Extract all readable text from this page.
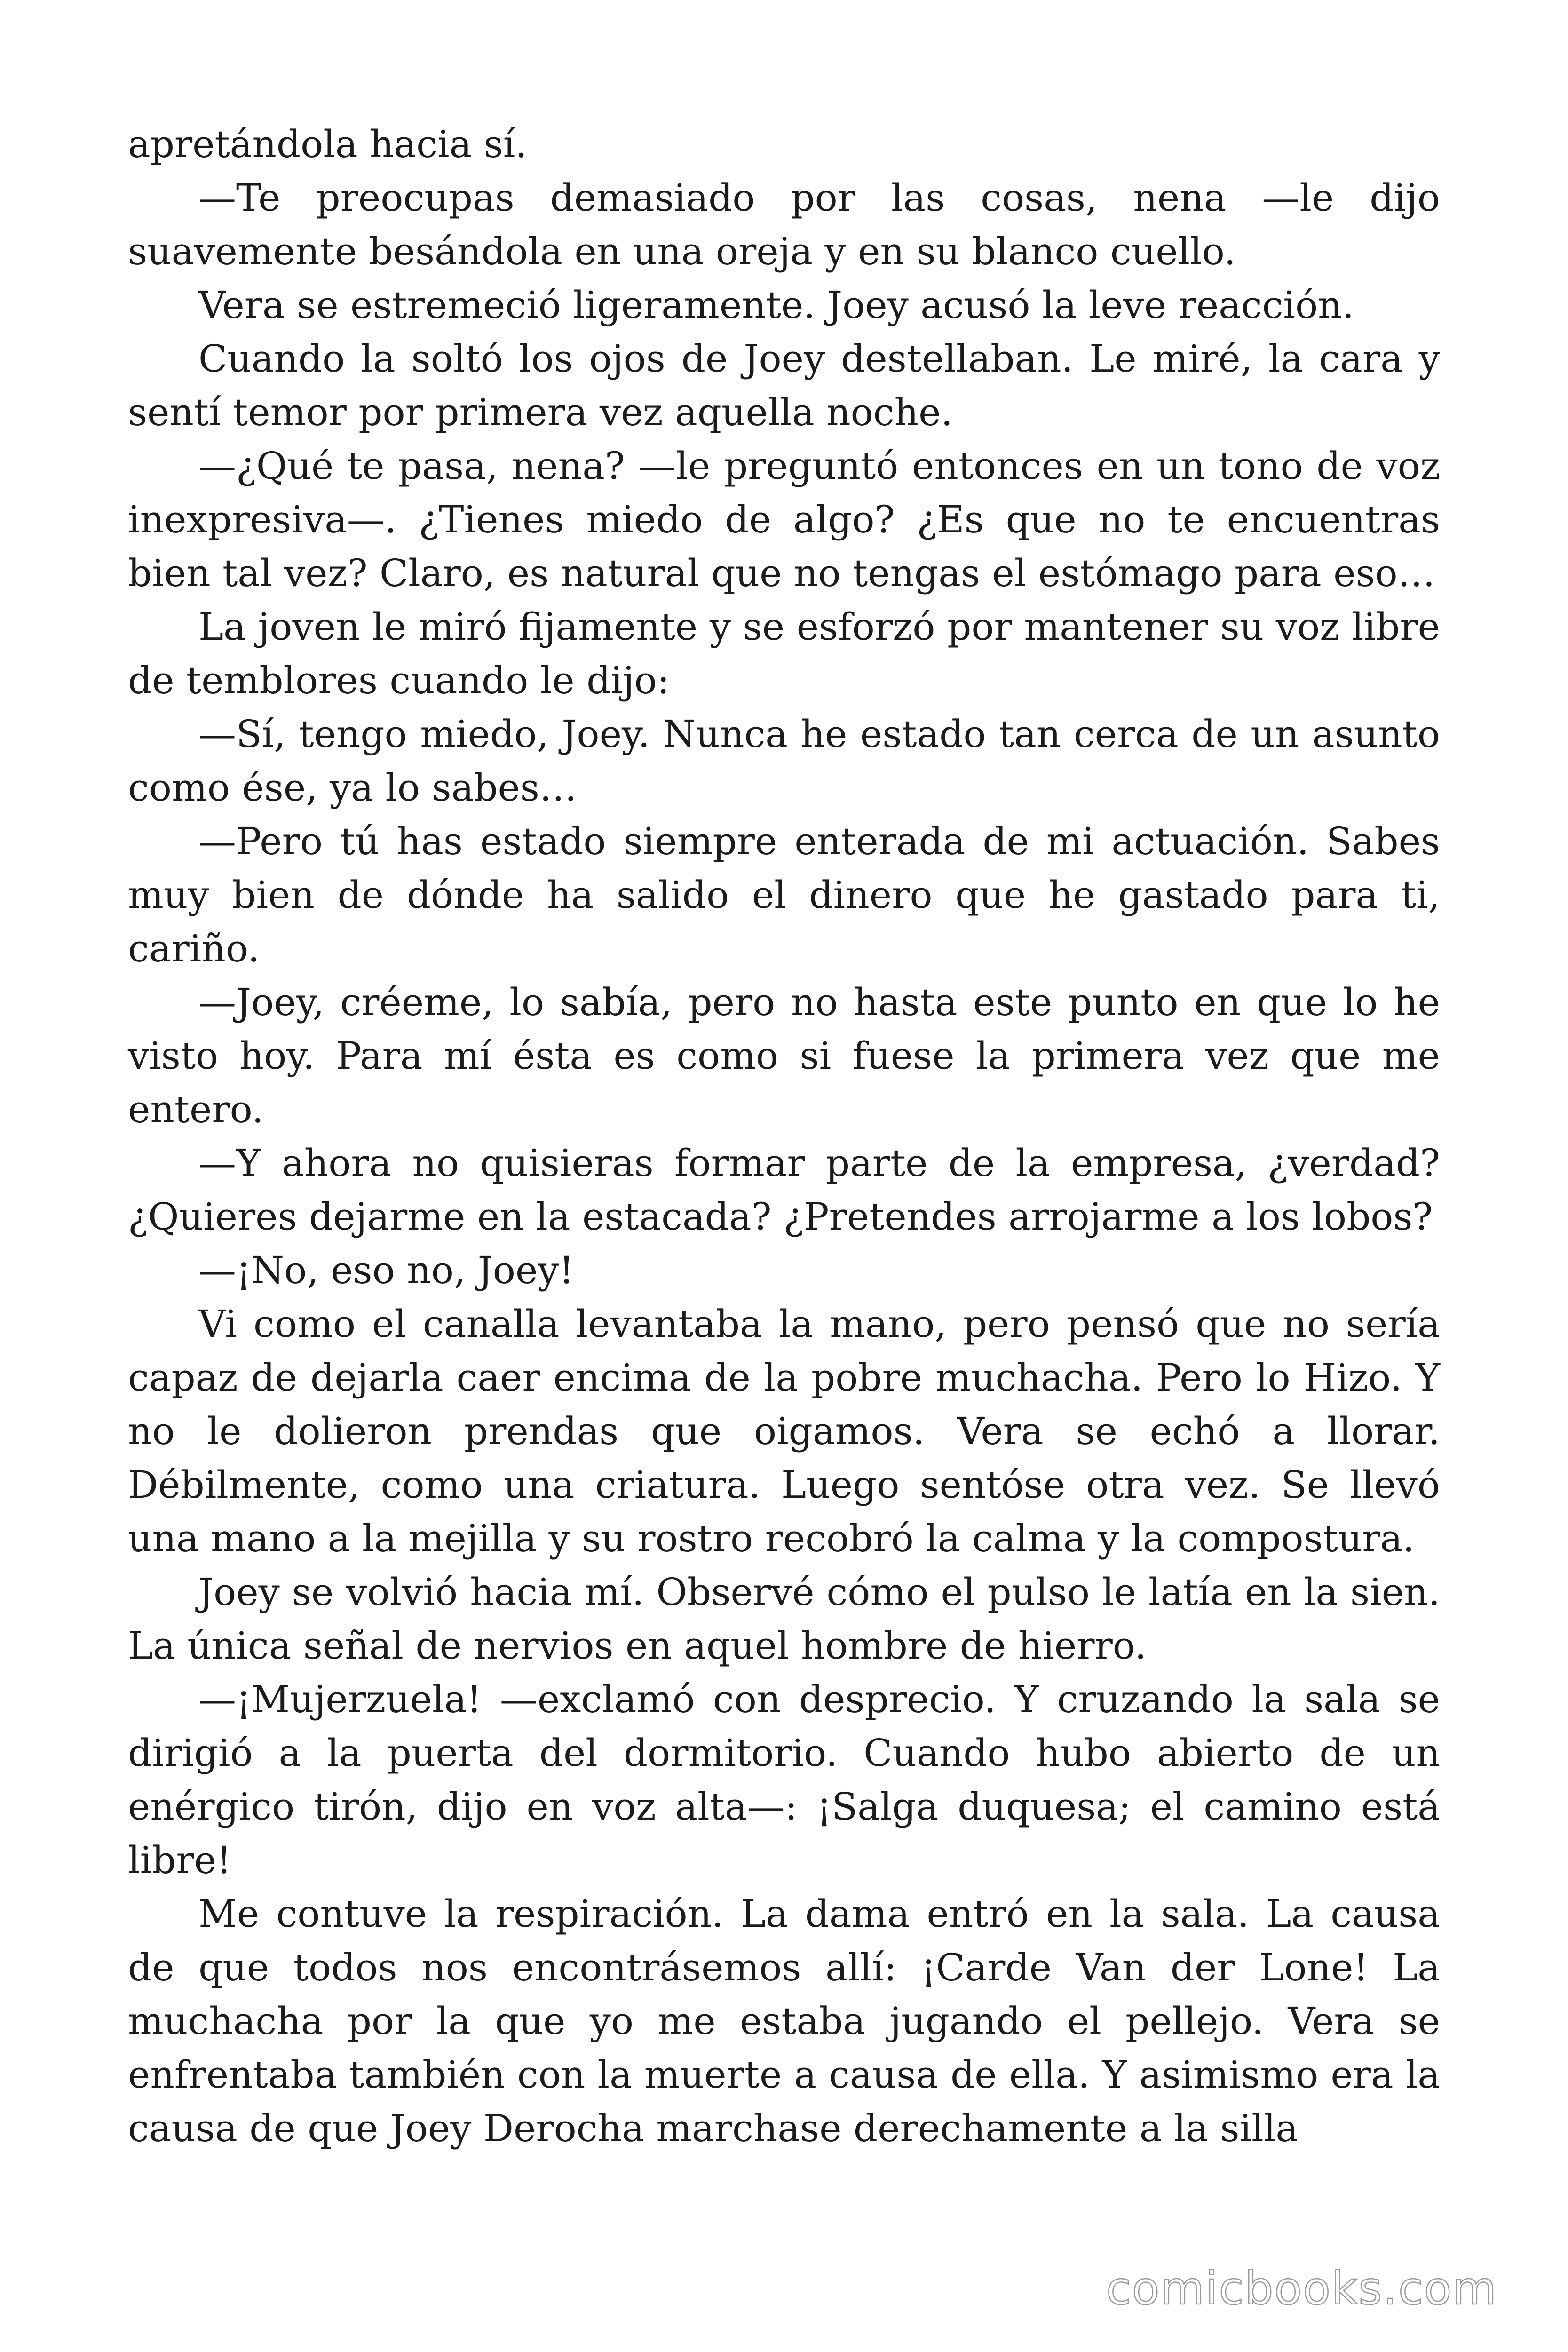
apretándola hacia sí.

—Te preocupas demasiado por las cosas, nena —le dijo suavemente besándola en una oreja y en su blanco cuello.

Vera se estremeció ligeramente. Joey acusó la leve reacción.

Cuando la soltó los ojos de Joey destellaban. Le miré, la cara y sentí temor por primera vez aquella noche.

—¿Qué te pasa, nena? —le preguntó entonces en un tono de voz inexpresiva—. ¿Tienes miedo de algo? ¿Es que no te encuentras bien tal vez? Claro, es natural que no tengas el estómago para eso…

La joven le miró fijamente y se esforzó por mantener su voz libre de temblores cuando le dijo:

—Sí, tengo miedo, Joey. Nunca he estado tan cerca de un asunto como ése, ya lo sabes…

—Pero tú has estado siempre enterada de mi actuación. Sabes muy bien de dónde ha salido el dinero que he gastado para ti, cariño.

—Joey, créeme, lo sabía, pero no hasta este punto en que lo he visto hoy. Para mí ésta es como si fuese la primera vez que me entero.

—Y ahora no quisieras formar parte de la empresa, ¿verdad? ¿Quieres dejarme en la estacada? ¿Pretendes arrojarme a los lobos?

—¡No, eso no, Joey!

Vi como el canalla levantaba la mano, pero pensó que no sería capaz de dejarla caer encima de la pobre muchacha. Pero lo Hizo. Y no le dolieron prendas que oigamos. Vera se echó a llorar. Débilmente, como una criatura. Luego sentóse otra vez. Se llevó una mano a la mejilla y su rostro recobró la calma y la compostura.

Joey se volvió hacia mí. Observé cómo el pulso le latía en la sien. La única señal de nervios en aquel hombre de hierro.

—¡Mujerzuela! —exclamó con desprecio. Y cruzando la sala se dirigió a la puerta del dormitorio. Cuando hubo abierto de un enérgico tirón, dijo en voz alta—: ¡Salga duquesa; el camino está libre!

Me contuve la respiración. La dama entró en la sala. La causa de que todos nos encontrásemos allí: ¡Carde Van der Lone! La muchacha por la que yo me estaba jugando el pellejo. Vera se enfrentaba también con la muerte a causa de ella. Y asimismo era la causa de que Joey Derocha marchase derechamente a la silla

comicbooks.com
